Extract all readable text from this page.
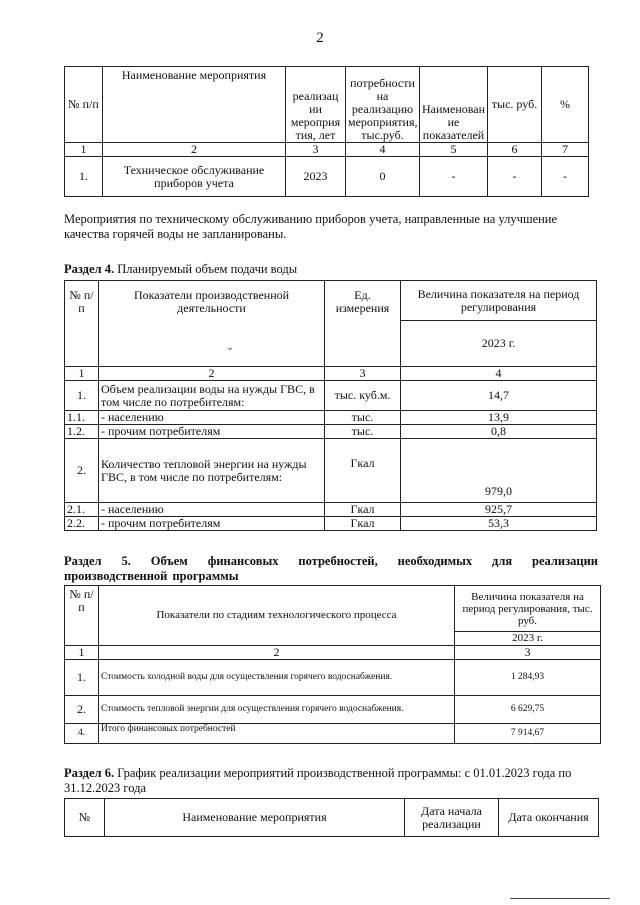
2
№ п/п	Наименование мероприятия	реализац ии мероприя тия, лет	потребности на реализацию мероприятия, тыс.руб.	Наименован ие показателей	тыс. руб.	%
1	2	3	4	5	6	7
1.	Техническое обслуживание приборов учета	2023	0	-	-	-
Мероприятия по техническому обслуживанию приборов учета, направленные на улучшение качества горячей воды не запланированы.
Раздел 4. Планируемый объем подачи воды
№ п/п	Показатели производственной деятельности	Ед. измерения	Величина показателя на период регулирования
			2023 г.
1	2	3	4
1.	Объем реализации воды на нужды ГВС, в том числе по потребителям:	тыс. куб.м.	14,7
1.1.	- населению	тыс.	13,9
1.2.	- прочим потребителям	тыс.	0,8
2.	Количество тепловой энергии на нужды ГВС, в том числе по потребителям:	Гкал	979,0
2.1.	- населению	Гкал	925,7
2.2.	- прочим потребителям	Гкал	53,3
⌄
Раздел 5. Объем финансовых потребностей, необходимых для реализации производственной программы
№ п/п	Показатели по стадиям технологического процесса	Величина показателя на период регулирования, тыс. руб.
		2023 г.
1	2	3
1.	Стоимость холодной воды для осуществления горячего водоснабжения.	1 284,93
2.	Стоимость тепловой энергии для осуществления горячего водоснабжения.	6 629,75
4.	Итого финансовых потребностей	7 914,67
Раздел 6. График реализации мероприятий производственной программы: с 01.01.2023 года по 31.12.2023 года
№	Наименование мероприятия	Дата начала реализации	Дата окончания
